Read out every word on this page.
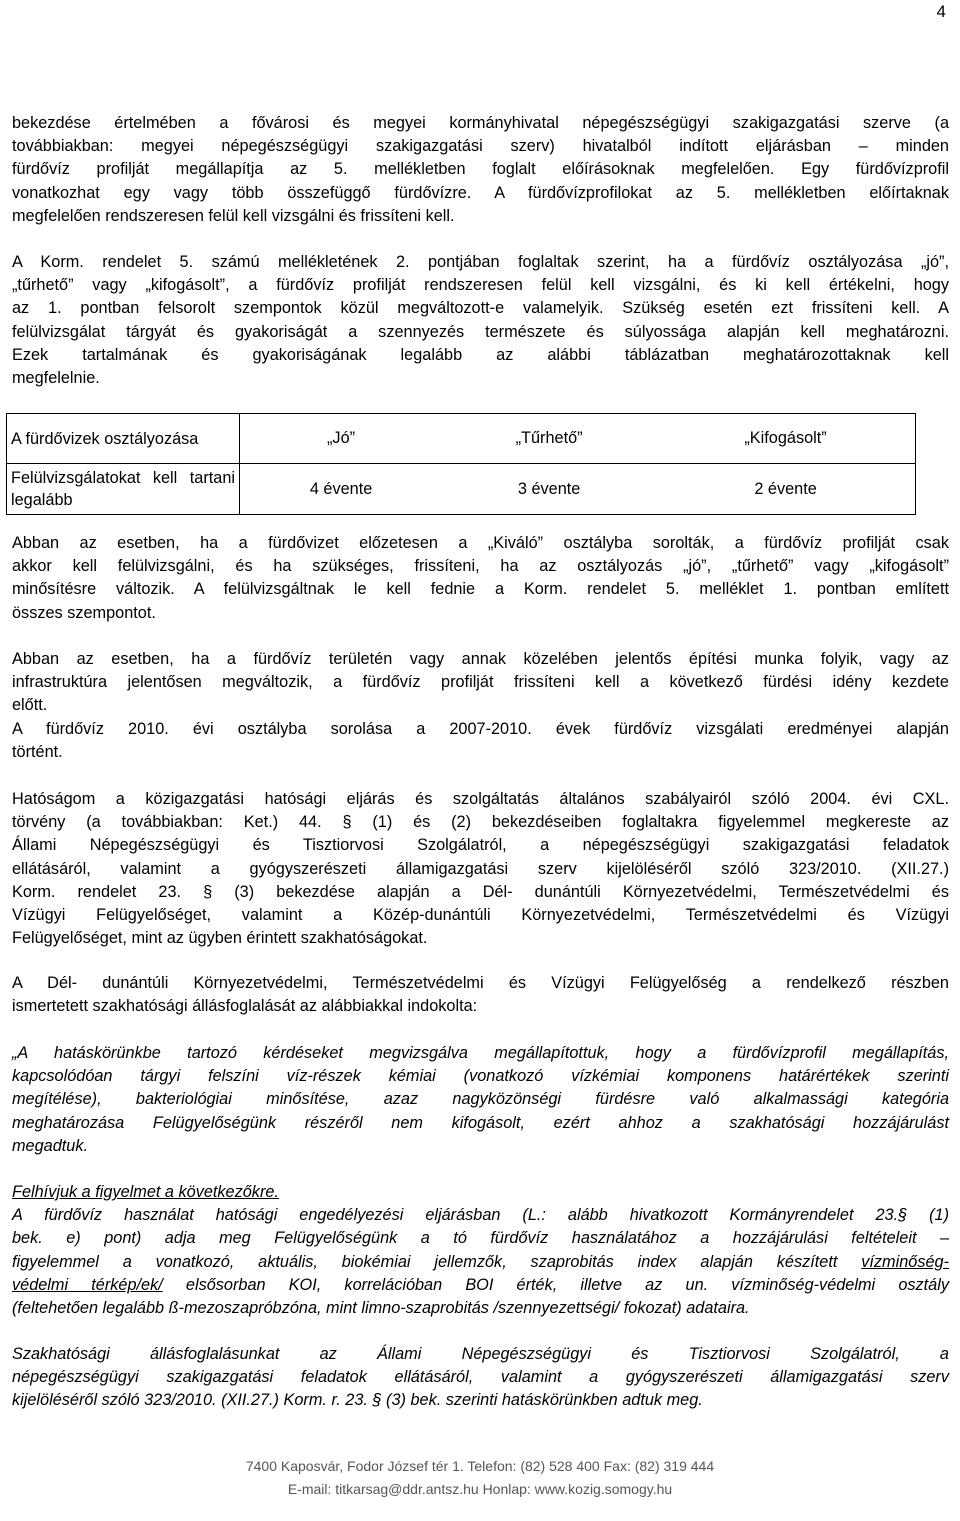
4
bekezdése értelmében a fővárosi és megyei kormányhivatal népegészségügyi szakigazgatási szerve (a
továbbiakban: megyei népegészségügyi szakigazgatási szerv) hivatalból indított eljárásban – minden
fürdővíz profilját megállapítja az 5. mellékletben foglalt előírásoknak megfelelően. Egy fürdővízprofil
vonatkozhat egy vagy több összefüggő fürdővízre. A fürdővízprofilokat az 5. mellékletben előírtaknak
megfelelően rendszeresen felül kell vizsgálni és frissíteni kell.
A Korm. rendelet 5. számú mellékletének 2. pontjában foglaltak szerint, ha a fürdővíz osztályozása „jó”,
„tűrhető” vagy „kifogásolt”, a fürdővíz profilját rendszeresen felül kell vizsgálni, és ki kell értékelni, hogy
az 1. pontban felsorolt szempontok közül megváltozott-e valamelyik. Szükség esetén ezt frissíteni kell. A
felülvizsgálat tárgyát és gyakoriságát a szennyezés természete és súlyossága alapján kell meghatározni.
Ezek tartalmának és gyakoriságának legalább az alábbi táblázatban meghatározottaknak kell
megfelelnie.
A fürdővizek osztályozása	„Jó”	„Tűrhető”	„Kifogásolt”
Felülvizsgálatokat kell tartani legalább	4 évente	3 évente	2 évente
Abban az esetben, ha a fürdővizet előzetesen a „Kiváló” osztályba sorolták, a fürdővíz profilját csak
akkor kell felülvizsgálni, és ha szükséges, frissíteni, ha az osztályozás „jó”, „tűrhető” vagy „kifogásolt”
minősítésre változik. A felülvizsgáltnak le kell fednie a Korm. rendelet 5. melléklet 1. pontban említett
összes szempontot.
Abban az esetben, ha a fürdővíz területén vagy annak közelében jelentős építési munka folyik, vagy az
infrastruktúra jelentősen megváltozik, a fürdővíz profilját frissíteni kell a következő fürdési idény kezdete
előtt.
A fürdővíz 2010. évi osztályba sorolása a 2007-2010. évek fürdővíz vizsgálati eredményei alapján
történt.
Hatóságom a közigazgatási hatósági eljárás és szolgáltatás általános szabályairól szóló 2004. évi CXL.
törvény (a továbbiakban: Ket.) 44. § (1) és (2) bekezdéseiben foglaltakra figyelemmel megkereste az
Állami Népegészségügyi és Tisztiorvosi Szolgálatról, a népegészségügyi szakigazgatási feladatok
ellátásáról, valamint a gyógyszerészeti államigazgatási szerv kijelöléséről szóló 323/2010. (XII.27.)
Korm. rendelet 23. § (3) bekezdése alapján a Dél- dunántúli Környezetvédelmi, Természetvédelmi és
Vízügyi Felügyelőséget, valamint a Közép-dunántúli Környezetvédelmi, Természetvédelmi és Vízügyi
Felügyelőséget, mint az ügyben érintett szakhatóságokat.
A Dél- dunántúli Környezetvédelmi, Természetvédelmi és Vízügyi Felügyelőség a rendelkező részben
ismertetett szakhatósági állásfoglalását az alábbiakkal indokolta:
„A hatáskörünkbe tartozó kérdéseket megvizsgálva megállapítottuk, hogy a fürdővízprofil megállapítás,
kapcsolódóan tárgyi felszíni víz-részek kémiai (vonatkozó vízkémiai komponens határértékek szerinti
megítélése), bakteriológiai minősítése, azaz nagyközönségi fürdésre való alkalmassági kategória
meghatározása Felügyelőségünk részéről nem kifogásolt, ezért ahhoz a szakhatósági hozzájárulást
megadtuk.
Felhívjuk a figyelmet a következőkre.
A fürdővíz használat hatósági engedélyezési eljárásban (L.: alább hivatkozott Kormányrendelet 23.§ (1)
bek. e) pont) adja meg Felügyelőségünk a tó fürdővíz használatához a hozzájárulási feltételeit –
figyelemmel a vonatkozó, aktuális, biokémiai jellemzők, szaprobitás index alapján készített vízminőség-
védelmi térkép/ek/ elsősorban KOI, korrelációban BOI érték, illetve az un. vízminőség-védelmi osztály
(feltehetően legalább ß-mezoszapróbzóna, mint limno-szaprobitás /szennyezettségi/ fokozat) adataira.
Szakhatósági állásfoglalásunkat az Állami Népegészségügyi és Tisztiorvosi Szolgálatról, a
népegészségügyi szakigazgatási feladatok ellátásáról, valamint a gyógyszerészeti államigazgatási szerv
kijelöléséről szóló 323/2010. (XII.27.) Korm. r. 23. § (3) bek. szerinti hatáskörünkben adtuk meg.
7400 Kaposvár, Fodor József tér 1. Telefon: (82) 528 400 Fax: (82) 319 444
E-mail: titkarsag@ddr.antsz.hu Honlap: www.kozig.somogy.hu
